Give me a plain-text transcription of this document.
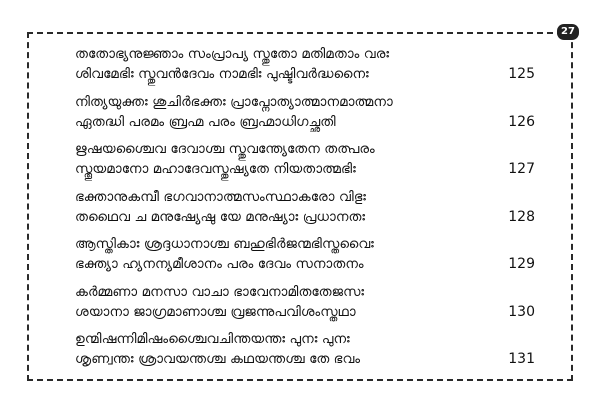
27
തതോഭ്യനുജ്ഞാം സംപ്രാപ്യ സ്തുതോ മതിമതാം വരഃ
ശിവമേഭിഃ സ്തുവൻദേവം നാമഭിഃ പുഷ്ടിവർദ്ധനൈഃ	125
നിത്യയുക്തഃ ശുചിർഭക്തഃ പ്രാപ്നോത്യാത്മാനമാത്മനാ
ഏതദ്ധി പരമം ബ്രഹ്മ പരം ബ്രഹ്മാധിഗച്ഛതി	126
ഋഷയശ്ചൈവ ദേവാശ്ച സ്തുവന്ത്യേതേന തത്പരം
സ്തൂയമാനോ മഹാദേവസ്തുഷ്യതേ നിയതാത്മഭിഃ	127
ഭക്താനുകമ്പീ ഭഗവാനാത്മസംസ്ഥാകരോ വിഭുഃ
തഥൈവ ച മനുഷ്യേഷു യേ മനുഷ്യാഃ പ്രധാനതഃ	128
ആസ്തികാഃ ശ്രദ്ദധാനാശ്ച ബഹുഭിർജന്മഭിസ്തവൈഃ
ഭക്ത്യാ ഹ്യനന്യമീശാനം പരം ദേവം സനാതനം	129
കർമ്മണാ മനസാ വാചാ ഭാവേനാമിതതേജസഃ
ശയാനാ ജാഗ്രമാണാശ്ച വ്രജന്നുപവിശംസ്തഥാ	130
ഉന്മിഷന്നിമിഷംശ്ചൈവചിന്തയന്തഃ പുനഃ പുനഃ
ശൃണ്വന്തഃ ശ്രാവയന്തശ്ച കഥയന്തശ്ച തേ ഭവം	131
